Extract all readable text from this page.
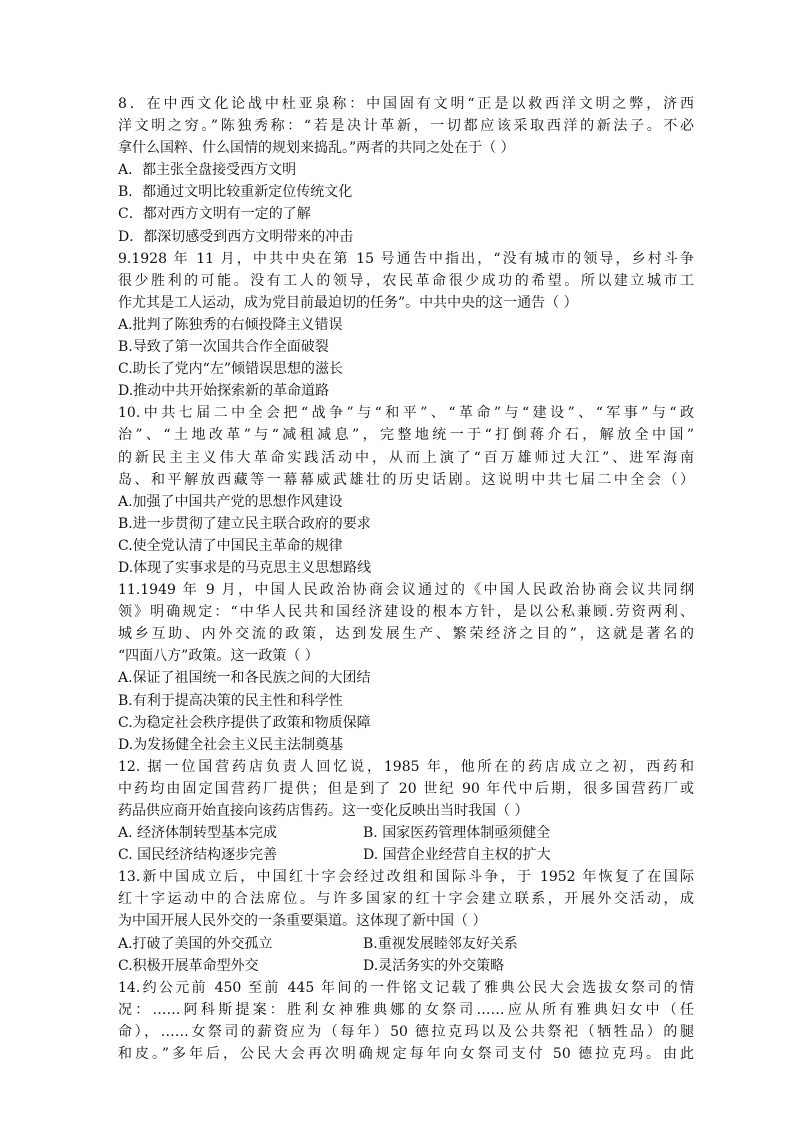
8．在中西文化论战中杜亚泉称：中国固有文明“正是以救西洋文明之弊，济西
洋文明之穷。”陈独秀称：“若是决计革新，一切都应该采取西洋的新法子。不必
拿什么国粹、什么国情的规划来捣乱。”两者的共同之处在于（ ）
A．都主张全盘接受西方文明
B．都通过文明比较重新定位传统文化
C．都对西方文明有一定的了解
D．都深切感受到西方文明带来的冲击
9.1928 年 11 月，中共中央在第 15 号通告中指出，“没有城市的领导，乡村斗争
很少胜利的可能。没有工人的领导，农民革命很少成功的希望。所以建立城市工
作尤其是工人运动，成为党目前最迫切的任务”。中共中央的这一通告（ ）
A.批判了陈独秀的右倾投降主义错误
B.导致了第一次国共合作全面破裂
C.助长了党内“左”倾错误思想的滋长
D.推动中共开始探索新的革命道路
10.中共七届二中全会把“战争”与“和平”、“革命”与“建设”、“军事”与“政
治”、“土地改革”与“减租减息”，完整地统一于“打倒蒋介石，解放全中国”
的新民主主义伟大革命实践活动中，从而上演了“百万雄师过大江”、进军海南
岛、和平解放西藏等一幕幕威武雄壮的历史话剧。这说明中共七届二中全会（）
A.加强了中国共产党的思想作风建设
B.进一步贯彻了建立民主联合政府的要求
C.使全党认清了中国民主革命的规律
D.体现了实事求是的马克思主义思想路线
11.1949 年 9 月，中国人民政治协商会议通过的《中国人民政治协商会议共同纲
领》明确规定：“中华人民共和国经济建设的根本方针，是以公私兼顾.劳资两利、
城乡互助、内外交流的政策，达到发展生产、繁荣经济之目的”，这就是著名的
“四面八方”政策。这一政策（ ）
A.保证了祖国统一和各民族之间的大团结
B.有利于提高决策的民主性和科学性
C.为稳定社会秩序提供了政策和物质保障
D.为发扬健全社会主义民主法制奠基
12. 据一位国营药店负责人回忆说，1985 年，他所在的药店成立之初，西药和
中药均由固定国营药厂提供；但是到了 20 世纪 90 年代中后期，很多国营药厂或
药品供应商开始直接向该药店售药。这一变化反映出当时我国（ ）
A. 经济体制转型基本完成	B. 国家医药管理体制亟须健全
C. 国民经济结构逐步完善	D. 国营企业经营自主权的扩大
13.新中国成立后，中国红十字会经过改组和国际斗争，于 1952 年恢复了在国际
红十字运动中的合法席位。与许多国家的红十字会建立联系，开展外交活动，成
为中国开展人民外交的一条重要渠道。这体现了新中国（ ）
A.打破了美国的外交孤立	B.重视发展睦邻友好关系
C.积极开展革命型外交	D.灵活务实的外交策略
14.约公元前 450 至前 445 年间的一件铭文记载了雅典公民大会选拔女祭司的情
况：……阿科斯提案：胜利女神雅典娜的女祭司……应从所有雅典妇女中（任
命），……女祭司的薪资应为（每年）50 德拉克玛以及公共祭祀（牺牲品）的腿
和皮。”多年后，公民大会再次明确规定每年向女祭司支付 50 德拉克玛。由此
